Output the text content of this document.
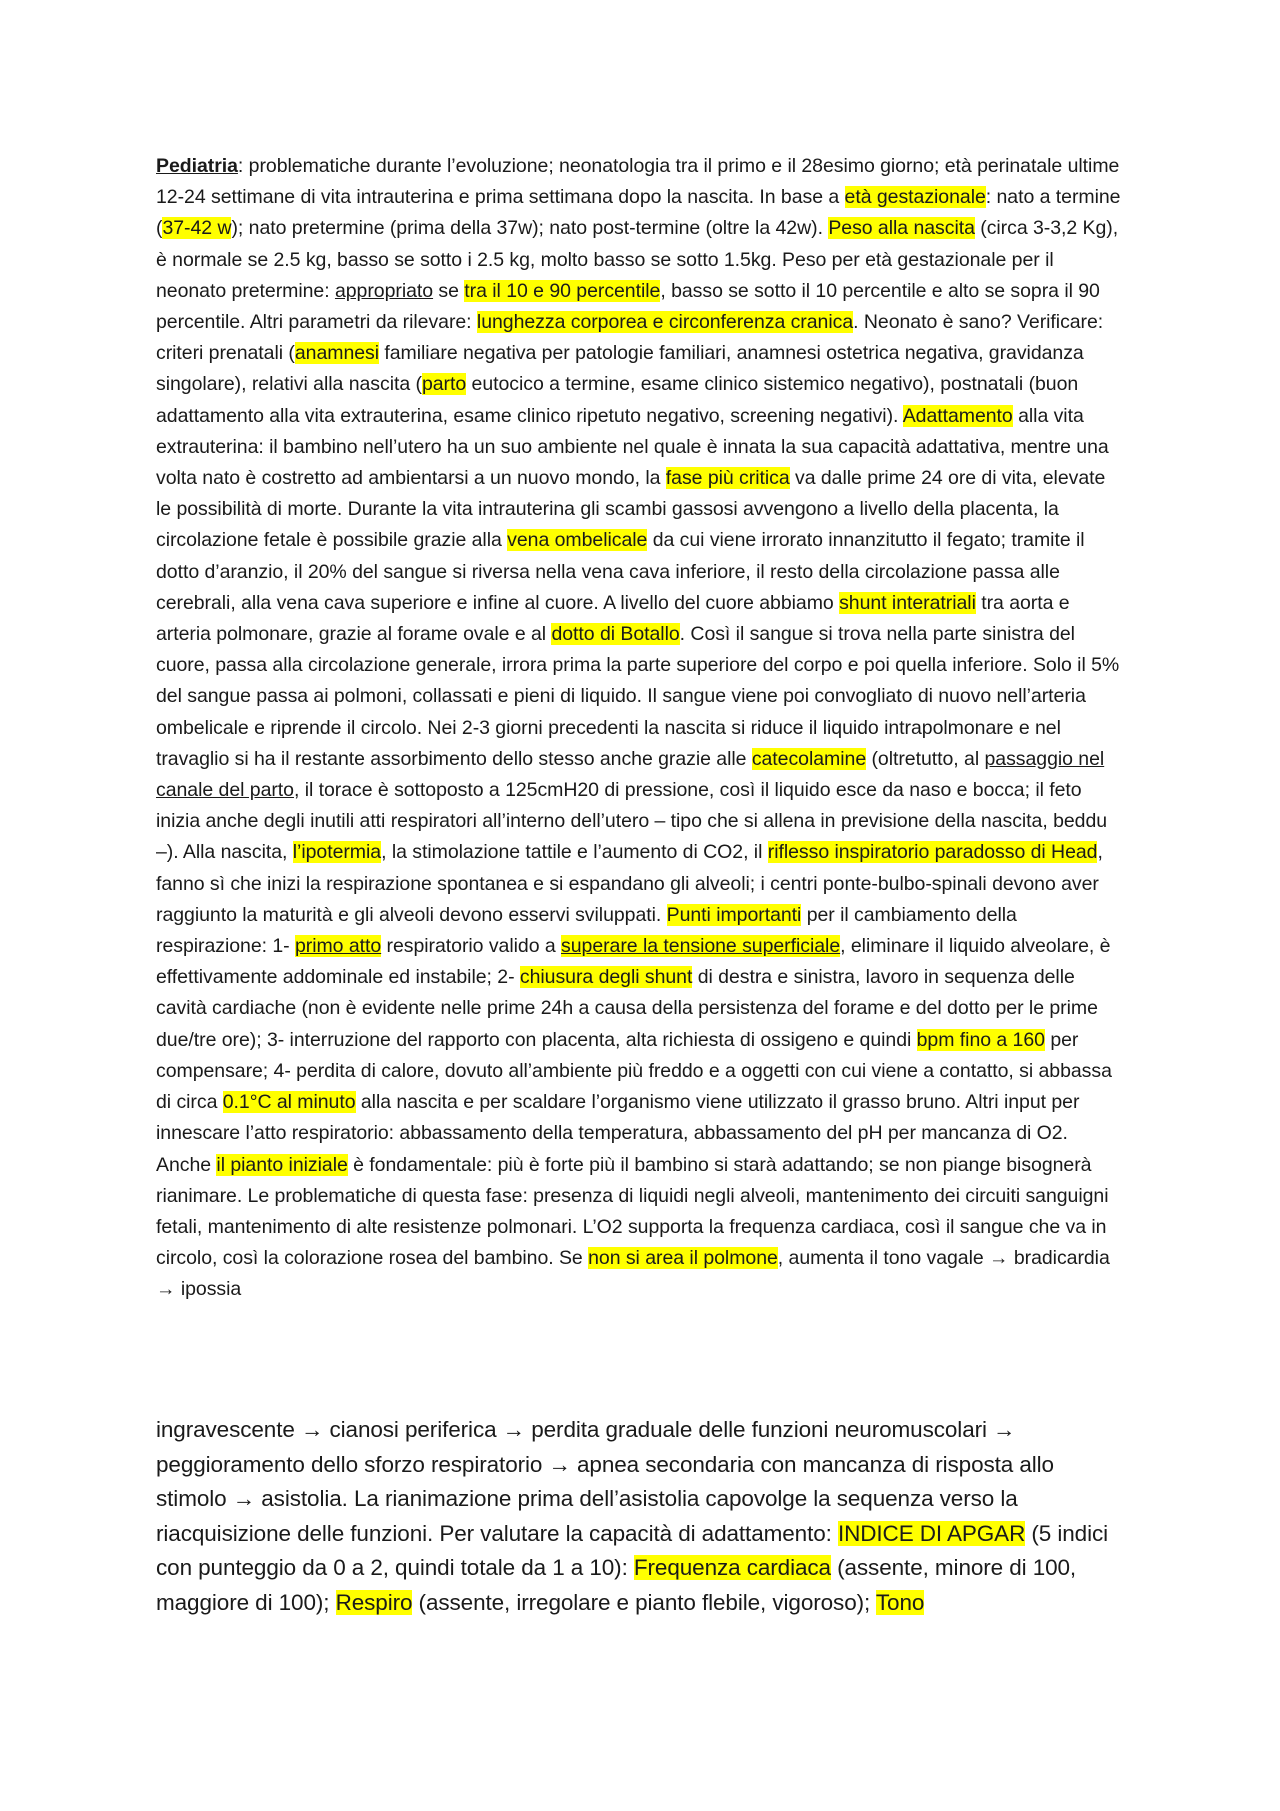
Pediatria: problematiche durante l’evoluzione; neonatologia tra il primo e il 28esimo giorno; età perinatale ultime 12-24 settimane di vita intrauterina e prima settimana dopo la nascita. In base a età gestazionale: nato a termine (37-42 w); nato pretermine (prima della 37w); nato post-termine (oltre la 42w). Peso alla nascita (circa 3-3,2 Kg), è normale se 2.5 kg, basso se sotto i 2.5 kg, molto basso se sotto 1.5kg. Peso per età gestazionale per il neonato pretermine: appropriato se tra il 10 e 90 percentile, basso se sotto il 10 percentile e alto se sopra il 90 percentile. Altri parametri da rilevare: lunghezza corporea e circonferenza cranica. Neonato è sano? Verificare: criteri prenatali (anamnesi familiare negativa per patologie familiari, anamnesi ostetrica negativa, gravidanza singolare), relativi alla nascita (parto eutocico a termine, esame clinico sistemico negativo), postnatali (buon adattamento alla vita extrauterina, esame clinico ripetuto negativo, screening negativi). Adattamento alla vita extrauterina: il bambino nell’utero ha un suo ambiente nel quale è innata la sua capacità adattativa, mentre una volta nato è costretto ad ambientarsi a un nuovo mondo, la fase più critica va dalle prime 24 ore di vita, elevate le possibilità di morte. Durante la vita intrauterina gli scambi gassosi avvengono a livello della placenta, la circolazione fetale è possibile grazie alla vena ombelicale da cui viene irrorato innanzitutto il fegato; tramite il dotto d’aranzio, il 20% del sangue si riversa nella vena cava inferiore, il resto della circolazione passa alle cerebrali, alla vena cava superiore e infine al cuore. A livello del cuore abbiamo shunt interatriali tra aorta e arteria polmonare, grazie al forame ovale e al dotto di Botallo. Così il sangue si trova nella parte sinistra del cuore, passa alla circolazione generale, irrora prima la parte superiore del corpo e poi quella inferiore. Solo il 5% del sangue passa ai polmoni, collassati e pieni di liquido. Il sangue viene poi convogliato di nuovo nell’arteria ombelicale e riprende il circolo. Nei 2-3 giorni precedenti la nascita si riduce il liquido intrapolmonare e nel travaglio si ha il restante assorbimento dello stesso anche grazie alle catecolamine (oltretutto, al passaggio nel canale del parto, il torace è sottoposto a 125cmH20 di pressione, così il liquido esce da naso e bocca; il feto inizia anche degli inutili atti respiratori all’interno dell’utero – tipo che si allena in previsione della nascita, beddu –). Alla nascita, l’ipotermia, la stimolazione tattile e l’aumento di CO2, il riflesso inspiratorio paradosso di Head, fanno sì che inizi la respirazione spontanea e si espandano gli alveoli; i centri ponte-bulbo-spinali devono aver raggiunto la maturità e gli alveoli devono esservi sviluppati. Punti importanti per il cambiamento della respirazione: 1- primo atto respiratorio valido a superare la tensione superficiale, eliminare il liquido alveolare, è effettivamente addominale ed instabile; 2- chiusura degli shunt di destra e sinistra, lavoro in sequenza delle cavità cardiache (non è evidente nelle prime 24h a causa della persistenza del forame e del dotto per le prime due/tre ore); 3- interruzione del rapporto con placenta, alta richiesta di ossigeno e quindi bpm fino a 160 per compensare; 4- perdita di calore, dovuto all’ambiente più freddo e a oggetti con cui viene a contatto, si abbassa di circa 0.1°C al minuto alla nascita e per scaldare l’organismo viene utilizzato il grasso bruno. Altri input per innescare l’atto respiratorio: abbassamento della temperatura, abbassamento del pH per mancanza di O2. Anche il pianto iniziale è fondamentale: più è forte più il bambino si starà adattando; se non piange bisognerà rianimare. Le problematiche di questa fase: presenza di liquidi negli alveoli, mantenimento dei circuiti sanguigni fetali, mantenimento di alte resistenze polmonari. L’O2 supporta la frequenza cardiaca, così il sangue che va in circolo, così la colorazione rosea del bambino. Se non si area il polmone, aumenta il tono vagale → bradicardia → ipossia
ingravescente → cianosi periferica → perdita graduale delle funzioni neuromuscolari → peggioramento dello sforzo respiratorio → apnea secondaria con mancanza di risposta allo stimolo → asistolia. La rianimazione prima dell’asistolia capovolge la sequenza verso la riacquisizione delle funzioni. Per valutare la capacità di adattamento: INDICE DI APGAR (5 indici con punteggio da 0 a 2, quindi totale da 1 a 10): Frequenza cardiaca (assente, minore di 100, maggiore di 100); Respiro (assente, irregolare e pianto flebile, vigoroso); Tono
